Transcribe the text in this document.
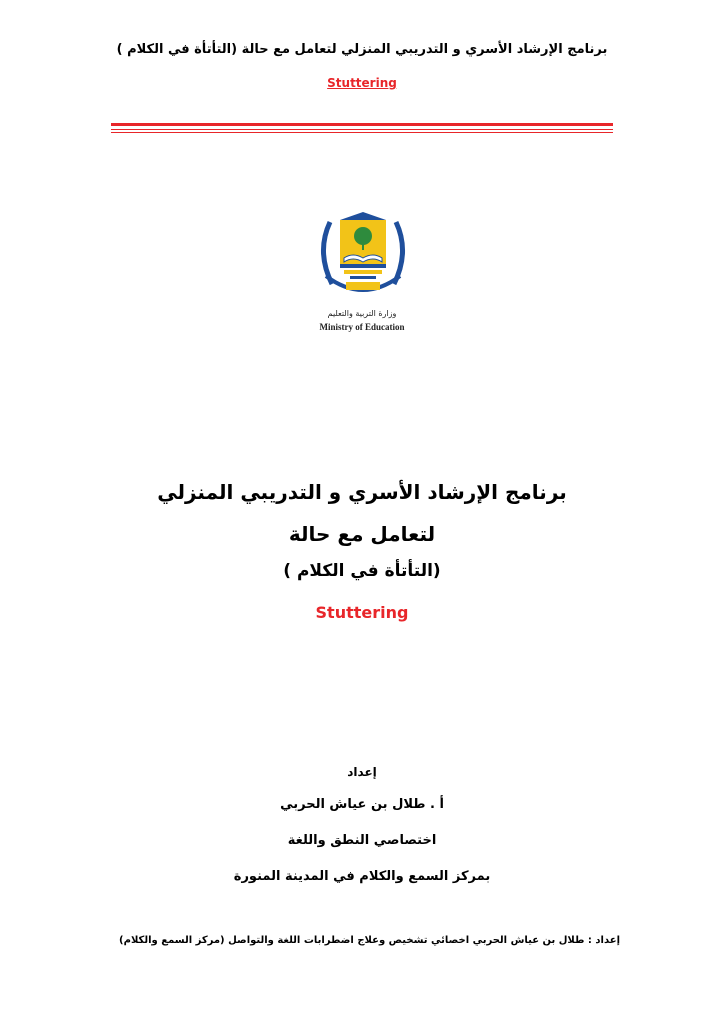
برنامج الإرشاد الأسري و التدريبي المنزلي لتعامل مع حالة (التأتأة في الكلام )
Stuttering
وزارة التربية والتعليم
Ministry of Education
برنامج الإرشاد الأسري و التدريبي المنزلي
لتعامل مع حالة
(التأتأة في الكلام )
Stuttering
إعداد
أ . طلال بن عياش الحربي
اختصاصي النطق واللغة
بمركز السمع والكلام في المدينة المنورة
إعداد : طلال بن عياش الحربي اخصائي تشخيص وعلاج اضطرابات اللغة والتواصل (مركز السمع والكلام)
